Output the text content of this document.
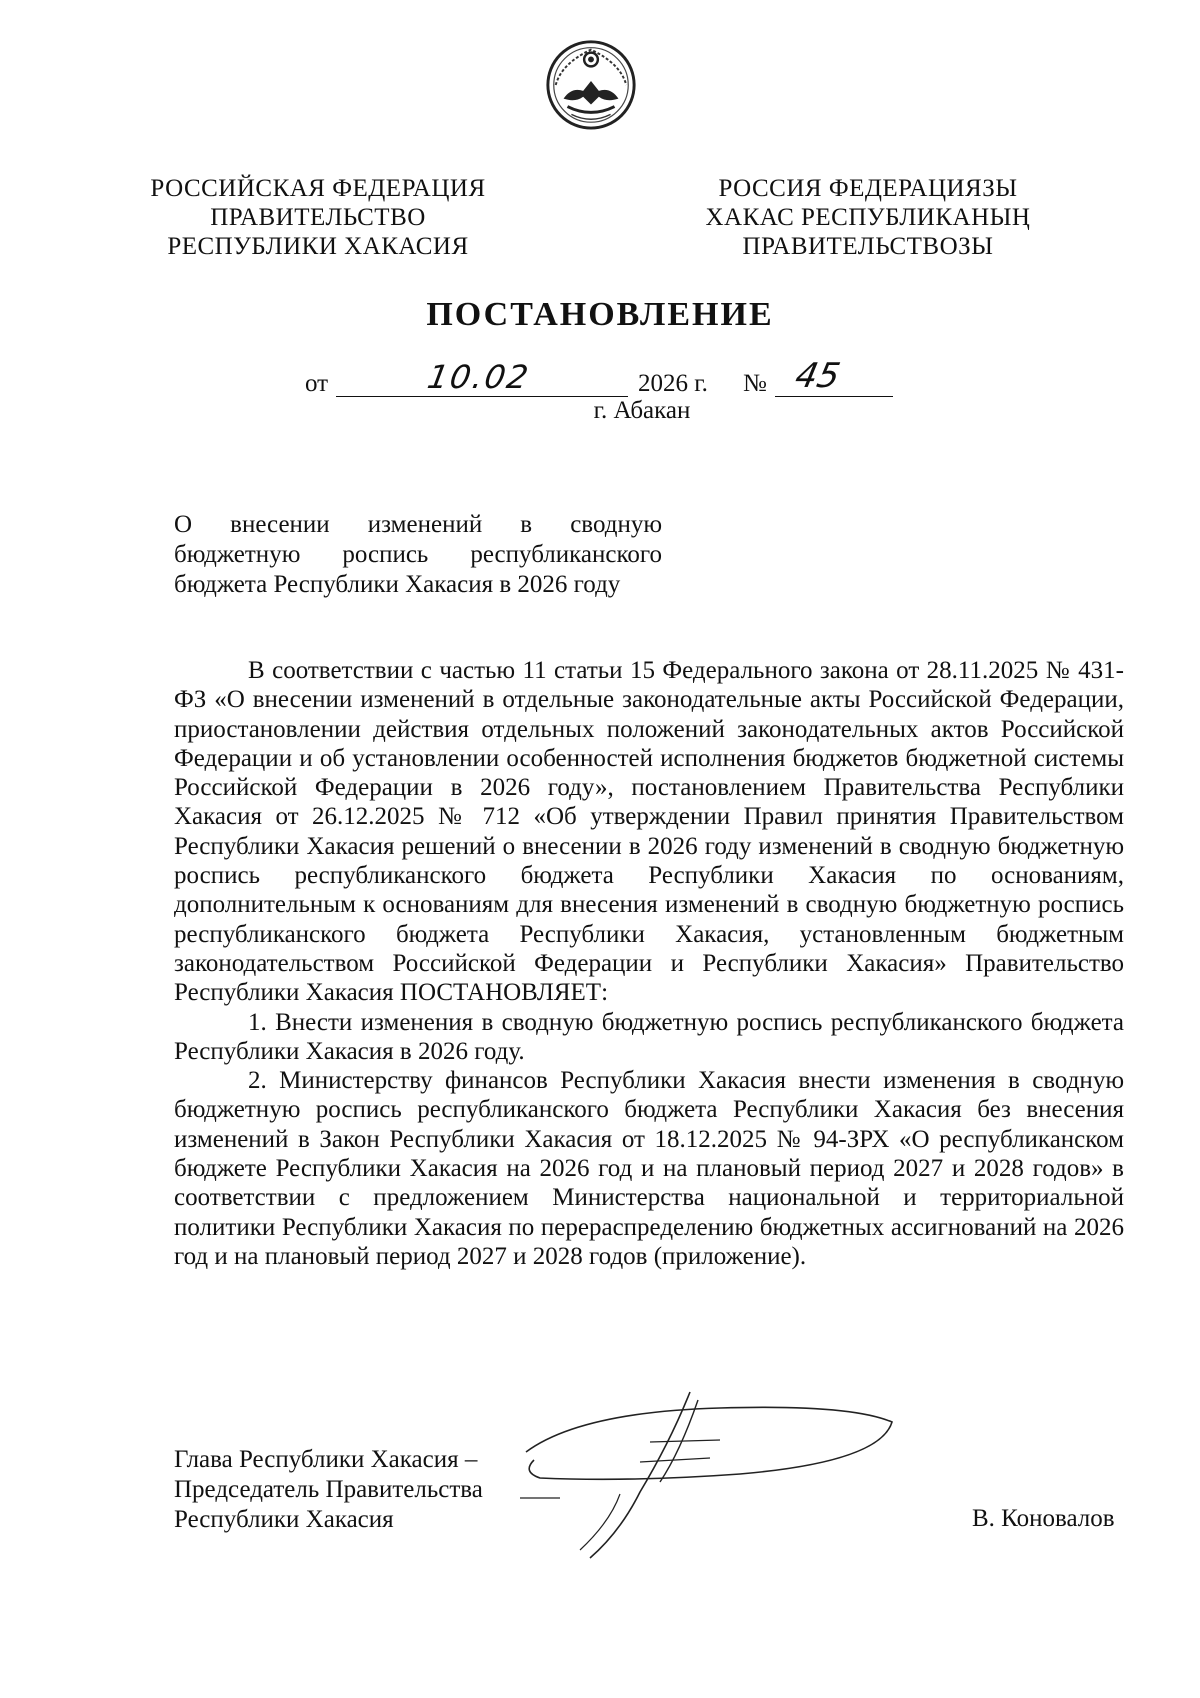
РОССИЙСКАЯ ФЕДЕРАЦИЯ
ПРАВИТЕЛЬСТВО
РЕСПУБЛИКИ ХАКАСИЯ
РОССИЯ ФЕДЕРАЦИЯЗЫ
ХАКАС РЕСПУБЛИКАНЫҢ
ПРАВИТЕЛЬСТВОЗЫ
ПОСТАНОВЛЕНИЕ
от	10.02	2026 г. № 45
г. Абакан
О внесении изменений в сводную
бюджетную роспись республиканского
бюджета Республики Хакасия в 2026 году

В соответствии с частью 11 статьи 15 Федерального закона от 28.11.2025 № 431-ФЗ «О внесении изменений в отдельные законодательные акты Российской Федерации, приостановлении действия отдельных положений законодательных актов Российской Федерации и об установлении особенностей исполнения бюджетов бюджетной системы Российской Федерации в 2026 году», постановлением Правительства Республики Хакасия от 26.12.2025 № 712 «Об утверждении Правил принятия Правительством Республики Хакасия решений о внесении в 2026 году изменений в сводную бюджетную роспись республиканского бюджета Республики Хакасия по основаниям, дополнительным к основаниям для внесения изменений в сводную бюджетную роспись республиканского бюджета Республики Хакасия, установленным бюджетным законодательством Российской Федерации и Республики Хакасия» Правительство Республики Хакасия ПОСТАНОВЛЯЕТ:

1. Внести изменения в сводную бюджетную роспись республиканского бюджета Республики Хакасия в 2026 году.

2. Министерству финансов Республики Хакасия внести изменения в сводную бюджетную роспись республиканского бюджета Республики Хакасия без внесения изменений в Закон Республики Хакасия от 18.12.2025 № 94-ЗРХ «О республиканском бюджете Республики Хакасия на 2026 год и на плановый период 2027 и 2028 годов» в соответствии с предложением Министерства национальной и территориальной политики Республики Хакасия по перераспределению бюджетных ассигнований на 2026 год и на плановый период 2027 и 2028 годов (приложение).

Глава Республики Хакасия –
Председатель Правительства
Республики Хакасия	В. Коновалов
